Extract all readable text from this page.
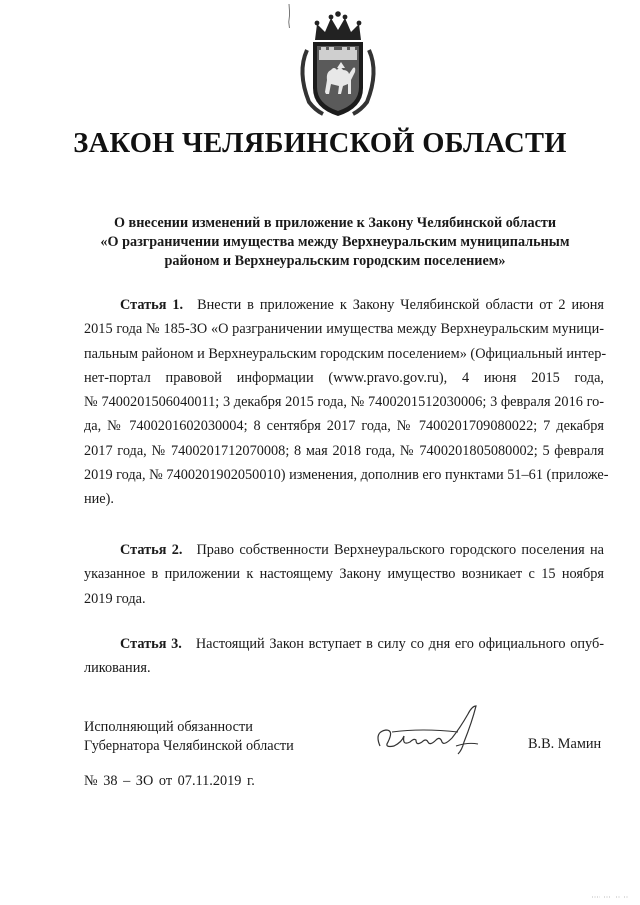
ЗАКОН ЧЕЛЯБИНСКОЙ ОБЛАСТИ
О внесении изменений в приложение к Закону Челябинской области
«О разграничении имущества между Верхнеуральским муниципальным
районом и Верхнеуральским городским поселением»
Статья 1. Внести в приложение к Закону Челябинской области от 2 июня
2015 года № 185-ЗО «О разграничении имущества между Верхнеуральским муници-
пальным районом и Верхнеуральским городским поселением» (Официальный интер-
нет-портал правовой информации (www.pravo.gov.ru), 4 июня 2015 года,
№ 7400201506040011; 3 декабря 2015 года, № 7400201512030006; 3 февраля 2016 го-
да, № 7400201602030004; 8 сентября 2017 года, № 7400201709080022; 7 декабря
2017 года, № 7400201712070008; 8 мая 2018 года, № 7400201805080002; 5 февраля
2019 года, № 7400201902050010) изменения, дополнив его пунктами 51–61 (приложе-
ние).
Статья 2. Право собственности Верхнеуральского городского поселения на
указанное в приложении к настоящему Закону имущество возникает с 15 ноября
2019 года.
Статья 3. Настоящий Закон вступает в силу со дня его официального опуб-
ликования.
Исполняющий обязанности
Губернатора Челябинской области	В.В. Мамин
№ 38 – ЗО от 07.11.2019 г.
